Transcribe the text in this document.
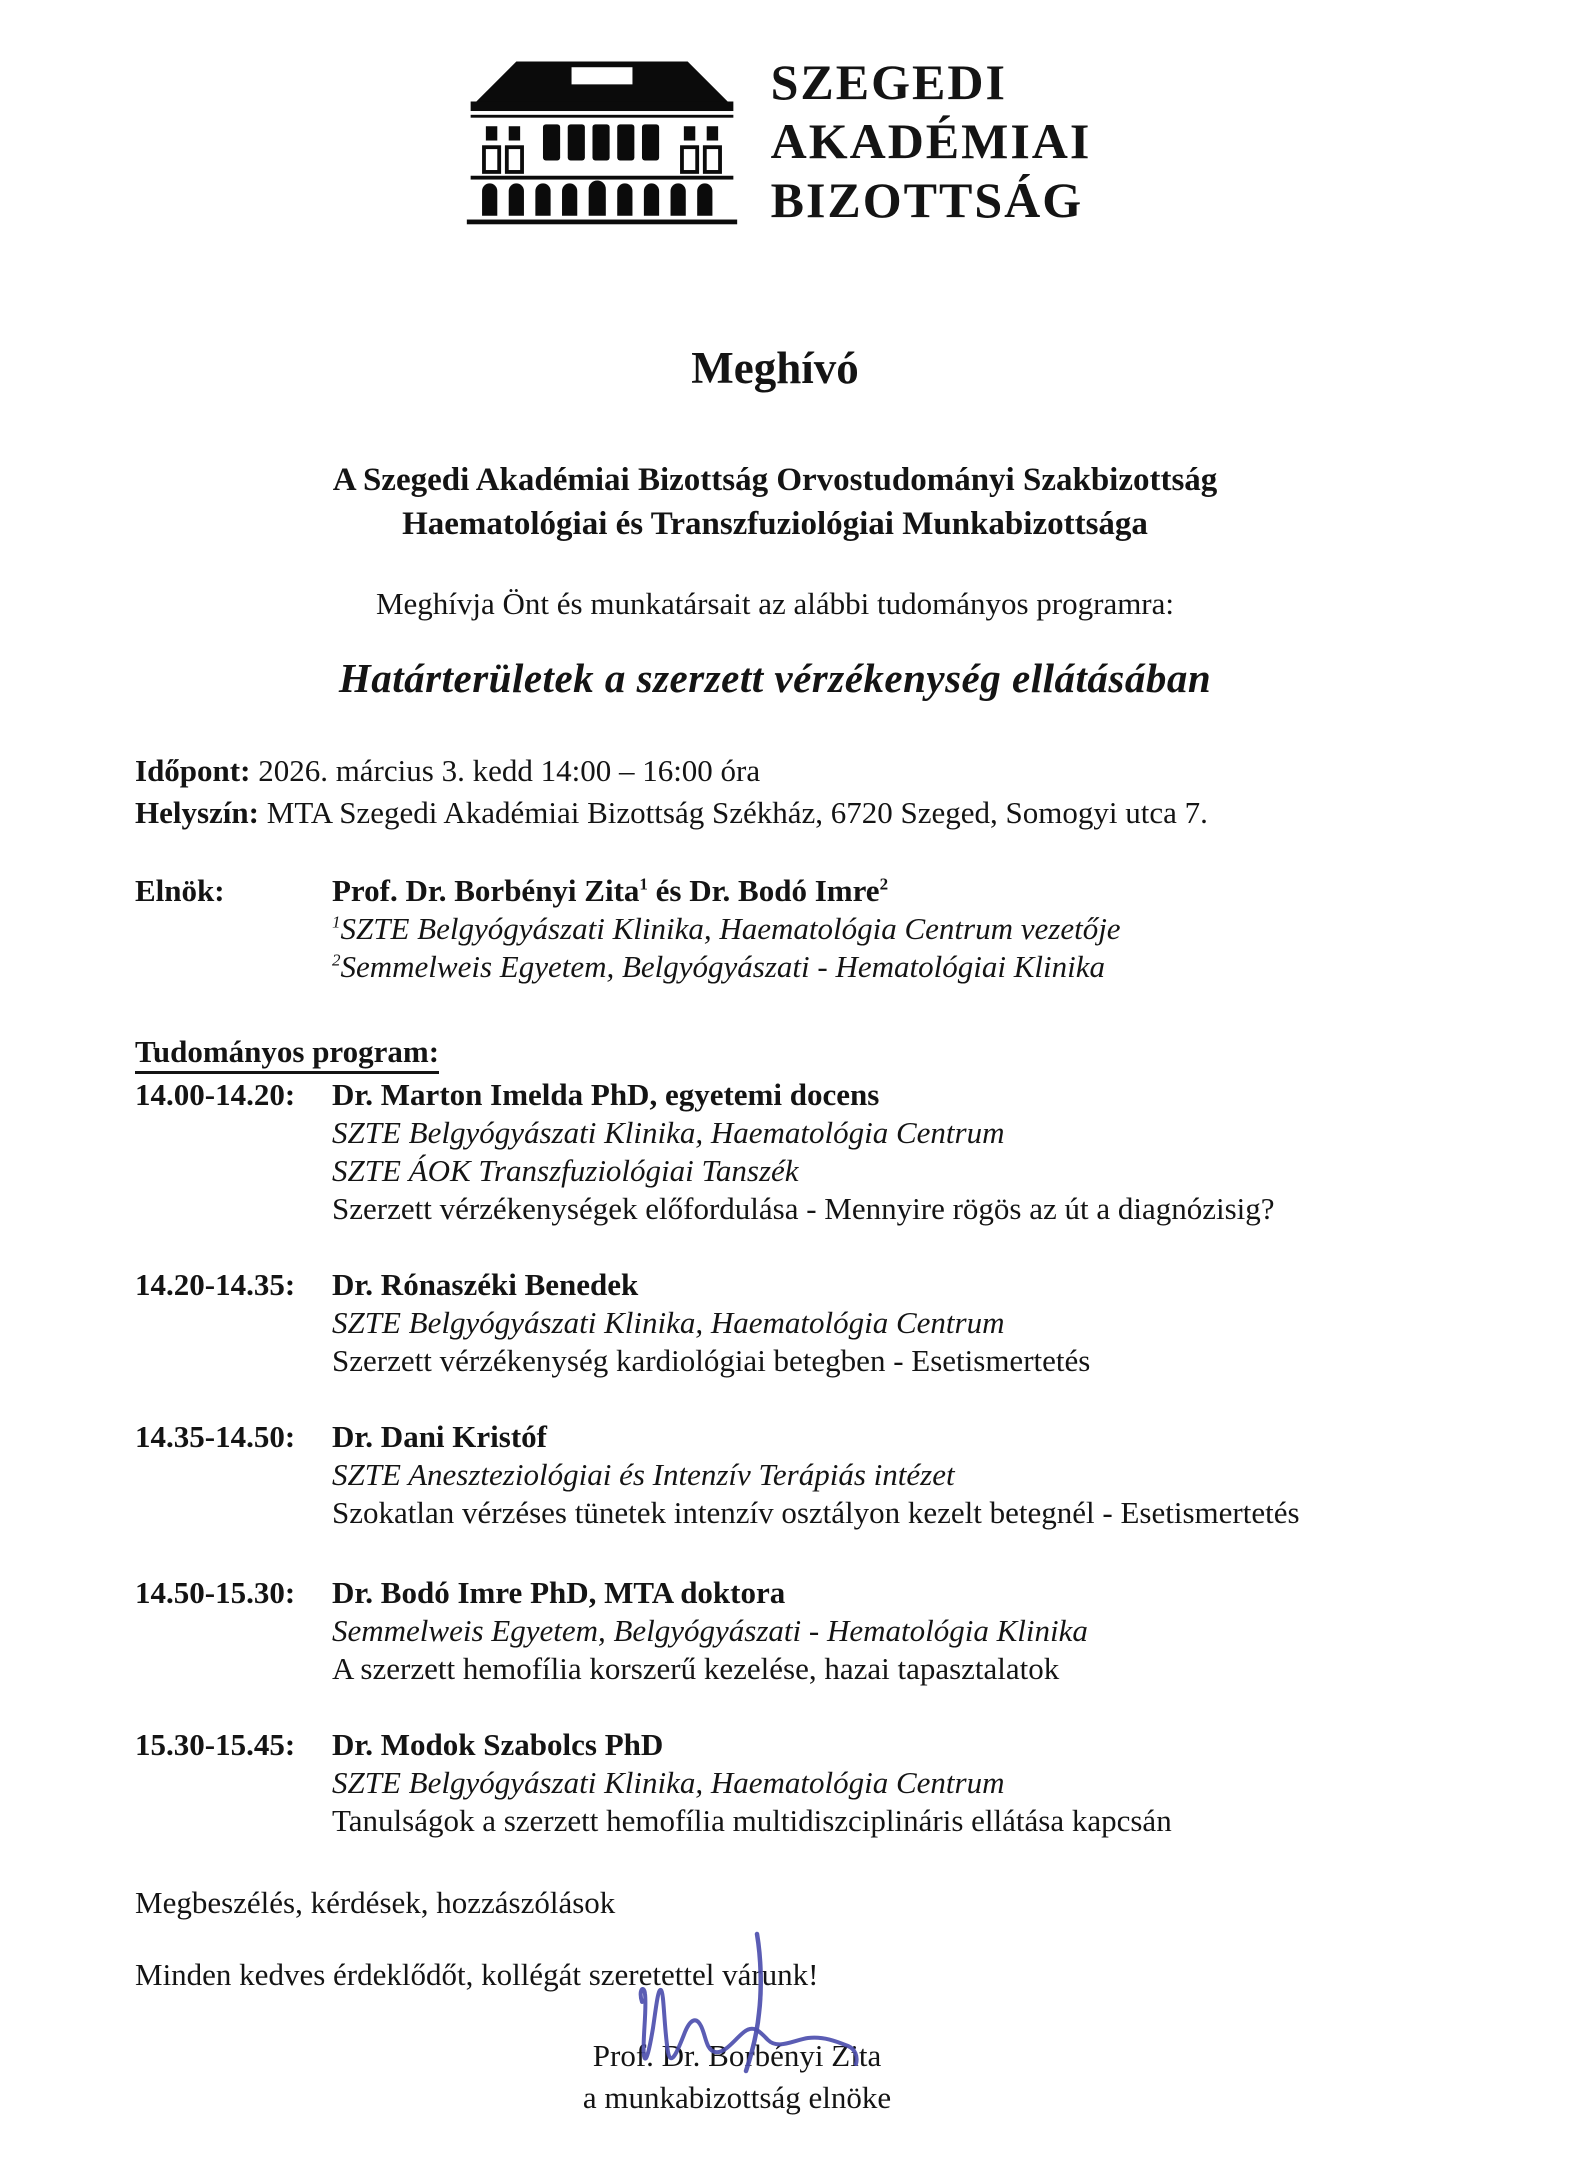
SZEGEDI
AKADÉMIAI
BIZOTTSÁG
Meghívó
A Szegedi Akadémiai Bizottság Orvostudományi Szakbizottság
Haematológiai és Transzfuziológiai Munkabizottsága
Meghívja Önt és munkatársait az alábbi tudományos programra:
Határterületek a szerzett vérzékenység ellátásában
Időpont: 2026. március 3. kedd 14:00 – 16:00 óra
Helyszín: MTA Szegedi Akadémiai Bizottság Székház, 6720 Szeged, Somogyi utca 7.
Elnök:	Prof. Dr. Borbényi Zita$^1$ és Dr. Bodó Imre$^2$
$^1$SZTE Belgyógyászati Klinika, Haematológia Centrum vezetője
$^2$Semmelweis Egyetem, Belgyógyászati - Hematológiai Klinika
Tudományos program:
14.00-14.20:	Dr. Marton Imelda PhD, egyetemi docens
SZTE Belgyógyászati Klinika, Haematológia Centrum
SZTE ÁOK Transzfuziológiai Tanszék
Szerzett vérzékenységek előfordulása - Mennyire rögös az út a diagnózisig?
14.20-14.35:	Dr. Rónaszéki Benedek
SZTE Belgyógyászati Klinika, Haematológia Centrum
Szerzett vérzékenység kardiológiai betegben - Esetismertetés
14.35-14.50:	Dr. Dani Kristóf
SZTE Aneszteziológiai és Intenzív Terápiás intézet
Szokatlan vérzéses tünetek intenzív osztályon kezelt betegnél - Esetismertetés
14.50-15.30:	Dr. Bodó Imre PhD, MTA doktora
Semmelweis Egyetem, Belgyógyászati - Hematológia Klinika
A szerzett hemofília korszerű kezelése, hazai tapasztalatok
15.30-15.45:	Dr. Modok Szabolcs PhD
SZTE Belgyógyászati Klinika, Haematológia Centrum
Tanulságok a szerzett hemofília multidiszciplináris ellátása kapcsán
Megbeszélés, kérdések, hozzászólások
Minden kedves érdeklődőt, kollégát szeretettel várunk!
Prof. Dr. Borbényi Zita
a munkabizottság elnöke
